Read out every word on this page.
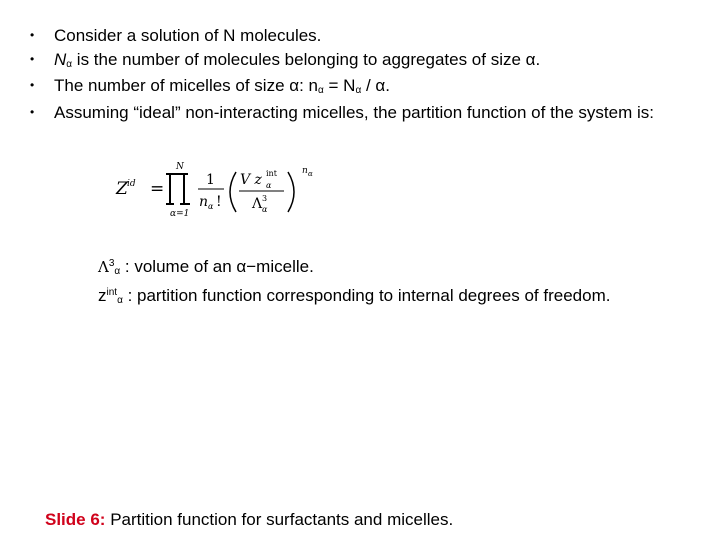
• Consider a solution of N molecules.
• $N_\alpha$ is the number of molecules belonging to aggregates of size α.
• The number of micelles of size α: $n_\alpha = N_\alpha / \alpha$.
• Assuming “ideal” non-interacting micelles, the partition function of the system is:
Z id =
N
α=1
1
n α !
V z int
α
Λ 3
α
n α
$\Lambda^3_\alpha$ : volume of an α−micelle.
$z^{int}_\alpha$ : partition function corresponding to internal degrees of freedom.
Slide 6: Partition function for surfactants and micelles.
